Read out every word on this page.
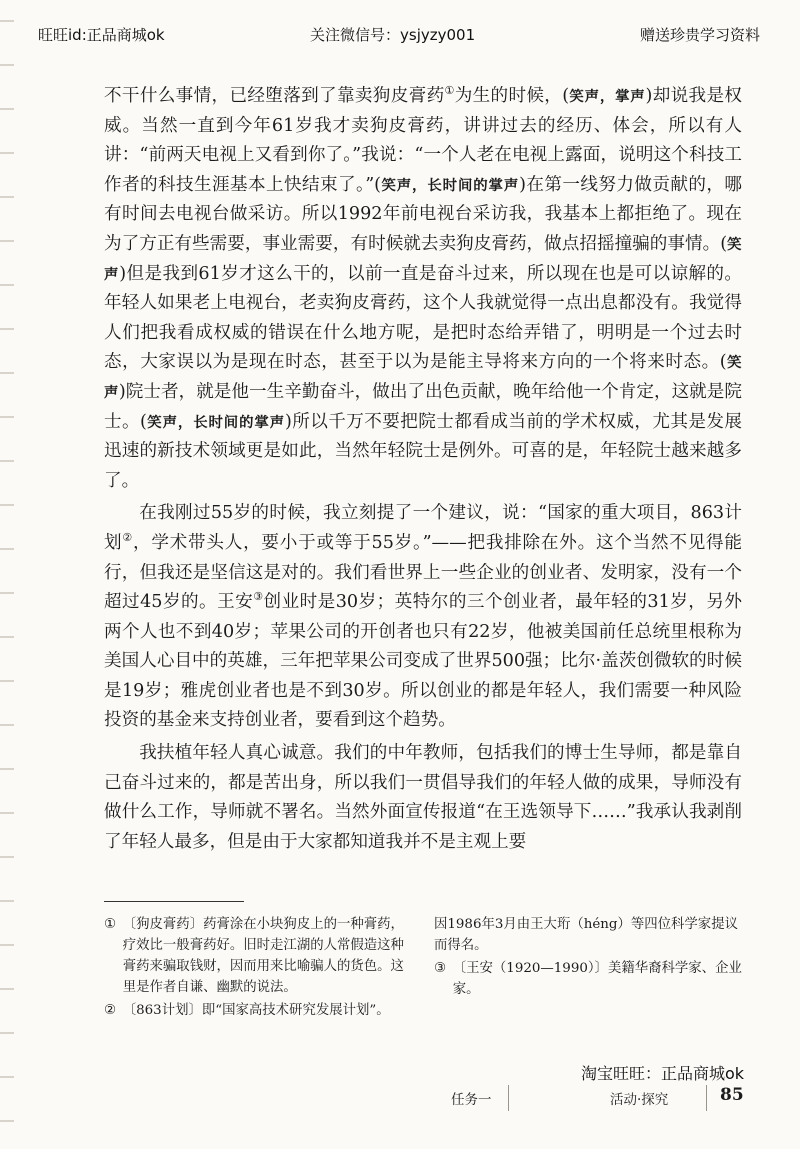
旺旺id:正品商城ok	关注微信号：ysjyzy001	赠送珍贵学习资料

不干什么事情，已经堕落到了靠卖狗皮膏药①为生的时候，(笑声，掌声)却说我是权威。当然一直到今年61岁我才卖狗皮膏药，讲讲过去的经历、体会，所以有人讲：“前两天电视上又看到你了。”我说：“一个人老在电视上露面，说明这个科技工作者的科技生涯基本上快结束了。”(笑声，长时间的掌声)在第一线努力做贡献的，哪有时间去电视台做采访。所以1992年前电视台采访我，我基本上都拒绝了。现在为了方正有些需要，事业需要，有时候就去卖狗皮膏药，做点招摇撞骗的事情。(笑声)但是我到61岁才这么干的，以前一直是奋斗过来，所以现在也是可以谅解的。年轻人如果老上电视台，老卖狗皮膏药，这个人我就觉得一点出息都没有。我觉得人们把我看成权威的错误在什么地方呢，是把时态给弄错了，明明是一个过去时态，大家误以为是现在时态，甚至于以为是能主导将来方向的一个将来时态。(笑声)院士者，就是他一生辛勤奋斗，做出了出色贡献，晚年给他一个肯定，这就是院士。(笑声，长时间的掌声)所以千万不要把院士都看成当前的学术权威，尤其是发展迅速的新技术领域更是如此，当然年轻院士是例外。可喜的是，年轻院士越来越多了。

在我刚过55岁的时候，我立刻提了一个建议，说：“国家的重大项目，863计划②，学术带头人，要小于或等于55岁。”——把我排除在外。这个当然不见得能行，但我还是坚信这是对的。我们看世界上一些企业的创业者、发明家，没有一个超过45岁的。王安③创业时是30岁；英特尔的三个创业者，最年轻的31岁，另外两个人也不到40岁；苹果公司的开创者也只有22岁，他被美国前任总统里根称为美国人心目中的英雄，三年把苹果公司变成了世界500强；比尔·盖茨创微软的时候是19岁；雅虎创业者也是不到30岁。所以创业的都是年轻人，我们需要一种风险投资的基金来支持创业者，要看到这个趋势。

我扶植年轻人真心诚意。我们的中年教师，包括我们的博士生导师，都是靠自己奋斗过来的，都是苦出身，所以我们一贯倡导我们的年轻人做的成果，导师没有做什么工作，导师就不署名。当然外面宣传报道“在王选领导下……”我承认我剥削了年轻人最多，但是由于大家都知道我并不是主观上要

① 〔狗皮膏药〕药膏涂在小块狗皮上的一种膏药，疗效比一般膏药好。旧时走江湖的人常假造这种膏药来骗取钱财，因而用来比喻骗人的货色。这里是作者自谦、幽默的说法。

② 〔863计划〕即“国家高技术研究发展计划”。

因1986年3月由王大珩（héng）等四位科学家提议而得名。

③ 〔王安（1920—1990）〕美籍华裔科学家、企业家。

淘宝旺旺：正品商城ok
任务一	活动·探究	85
